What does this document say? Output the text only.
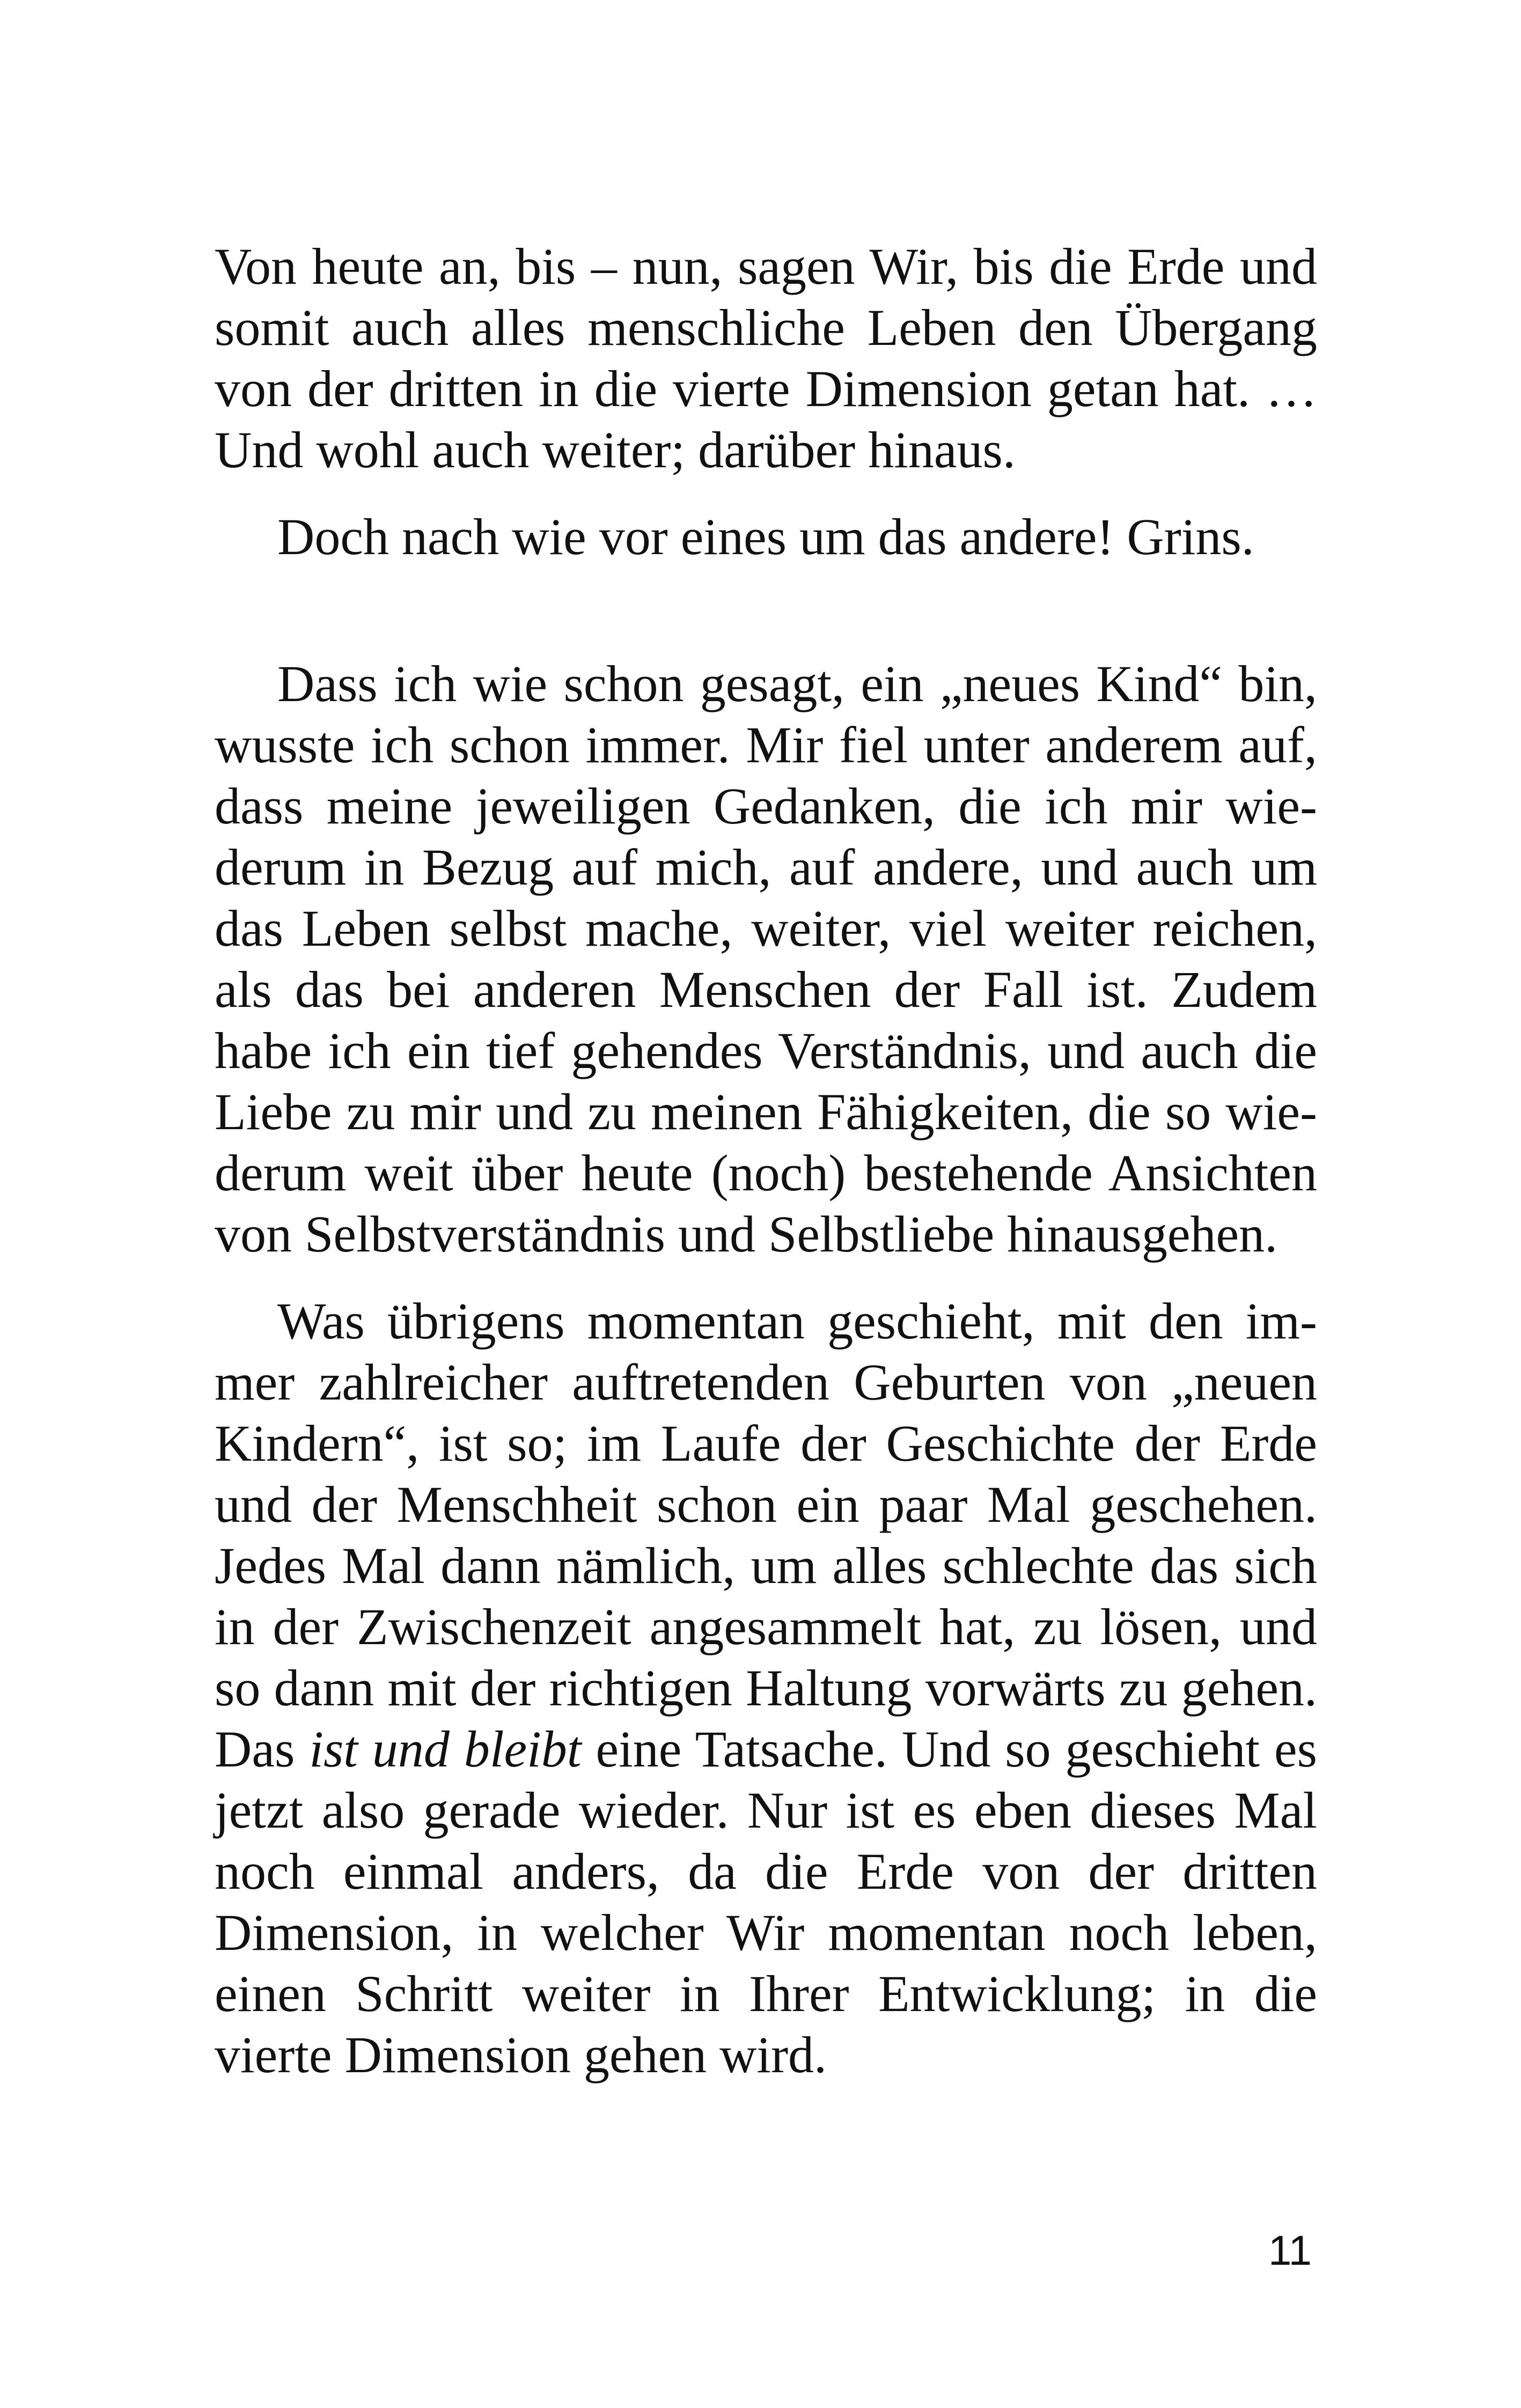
Von heute an, bis – nun, sagen Wir, bis die Erde und somit auch alles menschliche Leben den Übergang von der dritten in die vierte Dimension getan hat. … Und wohl auch weiter; darüber hinaus.

Doch nach wie vor eines um das andere! Grins.

Dass ich wie schon gesagt, ein „neues Kind“ bin, wusste ich schon immer. Mir fiel unter anderem auf, dass meine jeweiligen Gedanken, die ich mir wiederum in Bezug auf mich, auf andere, und auch um das Leben selbst mache, weiter, viel weiter reichen, als das bei anderen Menschen der Fall ist. Zudem habe ich ein tief gehendes Verständnis, und auch die Liebe zu mir und zu meinen Fähigkeiten, die so wiederum weit über heute (noch) bestehende Ansichten von Selbstverständnis und Selbstliebe hinausgehen.

Was übrigens momentan geschieht, mit den immer zahlreicher auftretenden Geburten von „neuen Kindern“, ist so; im Laufe der Geschichte der Erde und der Menschheit schon ein paar Mal geschehen. Jedes Mal dann nämlich, um alles schlechte das sich in der Zwischenzeit angesammelt hat, zu lösen, und so dann mit der richtigen Haltung vorwärts zu gehen. Das ist und bleibt eine Tatsache. Und so geschieht es jetzt also gerade wieder. Nur ist es eben dieses Mal noch einmal anders, da die Erde von der dritten Dimension, in welcher Wir momentan noch leben, einen Schritt weiter in Ihrer Entwicklung; in die vierte Dimension gehen wird.

11
